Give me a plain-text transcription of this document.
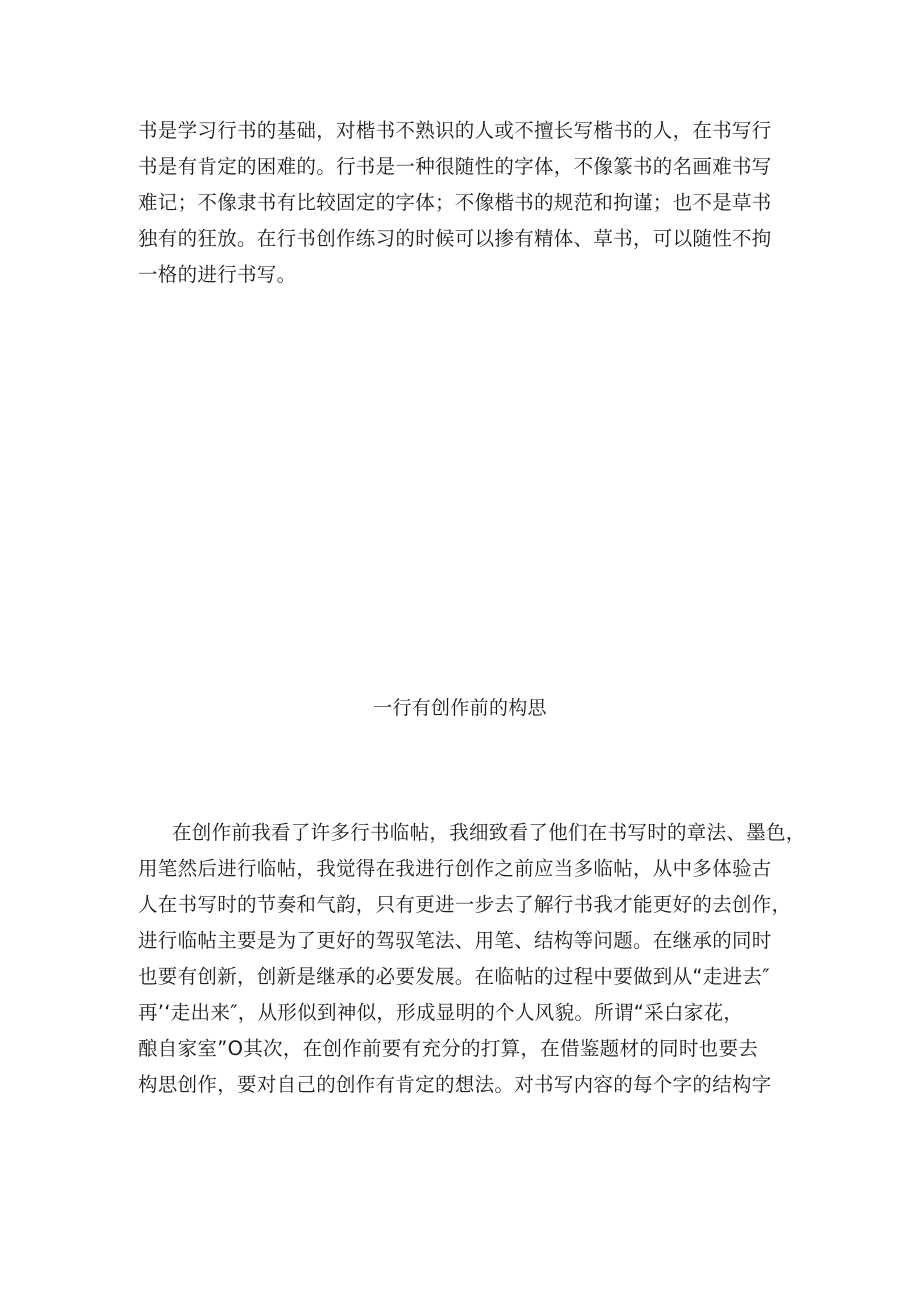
书是学习行书的基础，对楷书不熟识的人或不擅长写楷书的人，在书写行
书是有肯定的困难的。行书是一种很随性的字体，不像篆书的名画难书写
难记；不像隶书有比较固定的字体；不像楷书的规范和拘谨；也不是草书
独有的狂放。在行书创作练习的时候可以掺有精体、草书，可以随性不拘
一格的进行书写。
一行有创作前的构思
在创作前我看了许多行书临帖，我细致看了他们在书写时的章法、墨色，
用笔然后进行临帖，我觉得在我进行创作之前应当多临帖，从中多体验古
人在书写时的节奏和气韵，只有更进一步去了解行书我才能更好的去创作，
进行临帖主要是为了更好的驾驭笔法、用笔、结构等问题。在继承的同时
也要有创新，创新是继承的必要发展。在临帖的过程中要做到从“走进去″
再’‘走出来″，从形似到神似，形成显明的个人风貌。所谓“采白家花，
酿自家室”O其次，在创作前要有充分的打算，在借鉴题材的同时也要去
构思创作，要对自己的创作有肯定的想法。对书写内容的每个字的结构字
